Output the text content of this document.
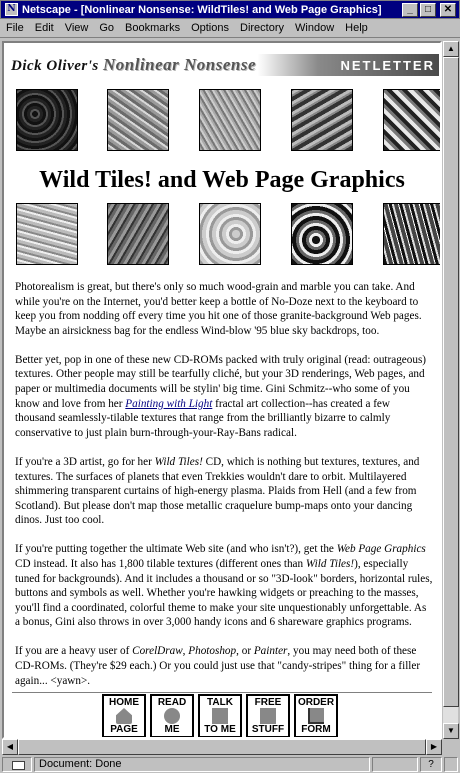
N Netscape - [Nonlinear Nonsense: WildTiles! and Web Page Graphics]	_	□	✕
File Edit View Go Bookmarks Options Directory Window Help
Dick Oliver's Nonlinear Nonsense	NETLETTER
Wild Tiles! and Web Page Graphics

Photorealism is great, but there's only so much wood-grain and marble you can take. And while you're on the Internet, you'd better keep a bottle of No-Doze next to the keyboard to keep you from nodding off every time you hit one of those granite-background Web pages. Maybe an airsickness bag for the endless Wind-blow '95 blue sky backdrops, too.

Better yet, pop in one of these new CD-ROMs packed with truly original (read: outrageous) textures. Other people may still be tearfully cliché, but your 3D renderings, Web pages, and paper or multimedia documents will be stylin' big time. Gini Schmitz--who some of you know and love from her Painting with Light fractal art collection--has created a few thousand seamlessly-tilable textures that range from the brilliantly bizarre to calmly conservative to just plain burn-through-your-Ray-Bans radical.

If you're a 3D artist, go for her Wild Tiles! CD, which is nothing but textures, textures, and textures. The surfaces of planets that even Trekkies wouldn't dare to orbit. Multilayered shimmering transparent curtains of high-energy plasma. Plaids from Hell (and a few from Scotland). But please don't map those metallic craquelure bump-maps onto your dancing dinos. Just too cool.

If you're putting together the ultimate Web site (and who isn't?), get the Web Page Graphics CD instead. It also has 1,800 tilable textures (different ones than Wild Tiles!), especially tuned for backgrounds). And it includes a thousand or so "3D-look" borders, horizontal rules, buttons and symbols as well. Whether you're hawking widgets or preaching to the masses, you'll find a coordinated, colorful theme to make your site unquestionably unforgettable. As a bonus, Gini also throws in over 3,000 handy icons and 6 shareware graphics programs.

If you are a heavy user of CorelDraw, Photoshop, or Painter, you may need both of these CD-ROMs. (They're $29 each.) Or you could just use that "candy-stripes" thing for a filler again... <yawn>.

HOME
PAGE
READ
ME
TALK
TO ME
FREE
STUFF
ORDER
FORM
▲
▼
◀	▶
Document: Done	?
